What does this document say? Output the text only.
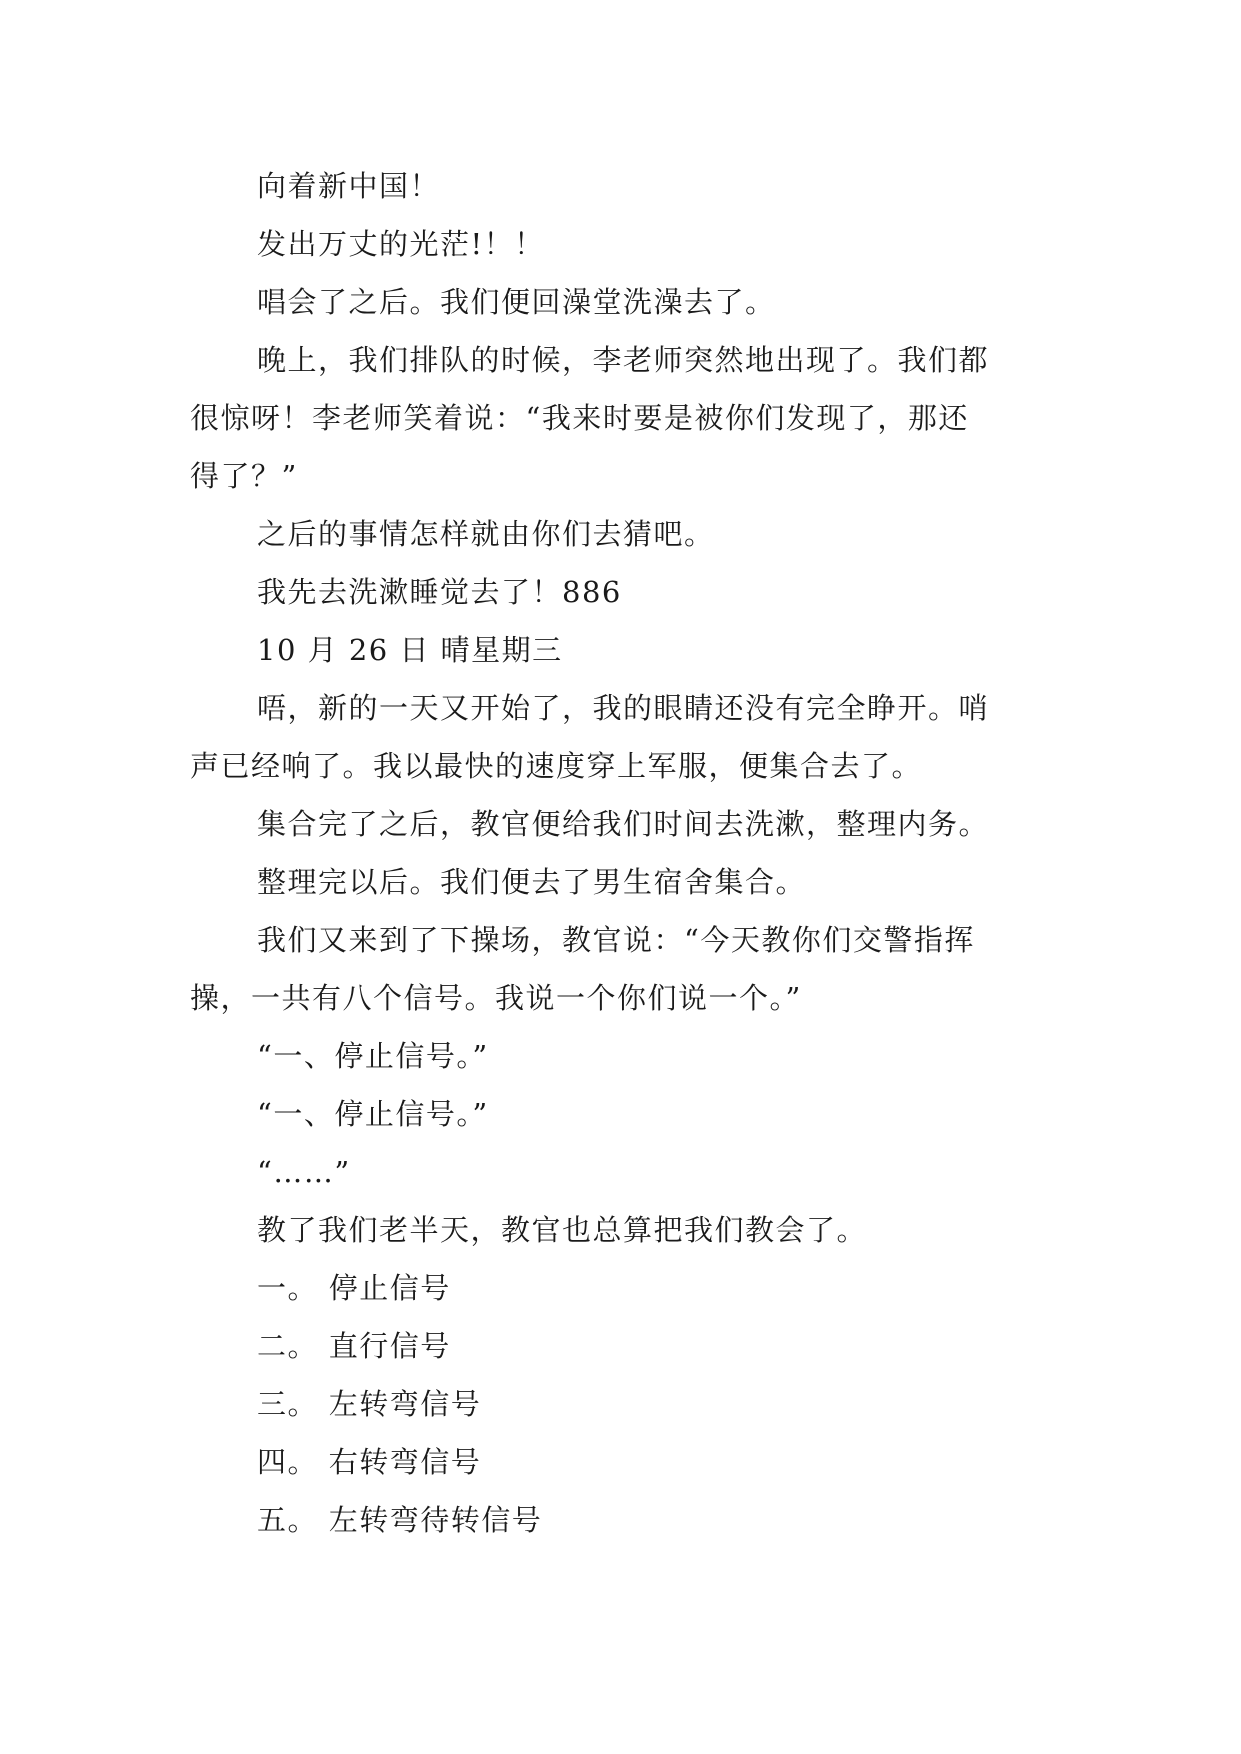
向着新中国！
发出万丈的光茫!！！
唱会了之后。我们便回澡堂洗澡去了。
晚上，我们排队的时候，李老师突然地出现了。我们都
很惊呀！李老师笑着说：“我来时要是被你们发现了，那还
得了？”
之后的事情怎样就由你们去猜吧。
我先去洗漱睡觉去了！886
10 月 26 日 晴星期三
唔，新的一天又开始了，我的眼睛还没有完全睁开。哨
声已经响了。我以最快的速度穿上军服，便集合去了。
集合完了之后，教官便给我们时间去洗漱，整理内务。
整理完以后。我们便去了男生宿舍集合。
我们又来到了下操场，教官说：“今天教你们交警指挥
操，一共有八个信号。我说一个你们说一个。”
“一、停止信号。”
“一、停止信号。”
“……”
教了我们老半天，教官也总算把我们教会了。
一。 停止信号
二。 直行信号
三。 左转弯信号
四。 右转弯信号
五。 左转弯待转信号
